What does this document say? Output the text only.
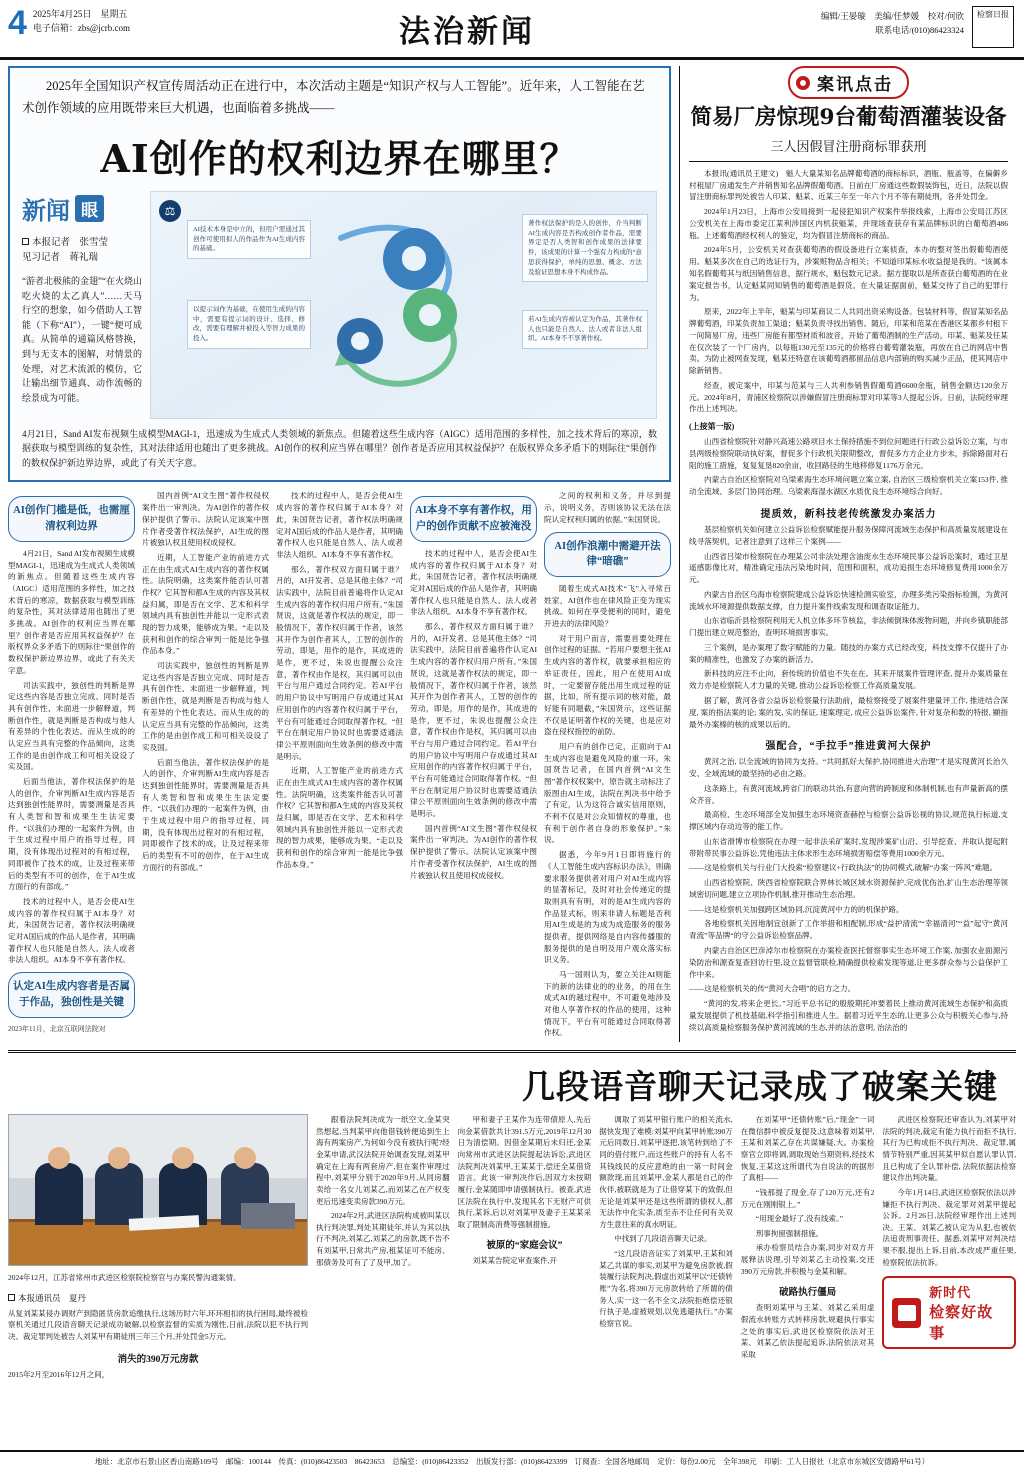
4 2025年4月25日　星期五
电子信箱：zbs@jcrb.com	法治新闻	编辑/王晏璇　美编/任梦媛　校对/何欣
联系电话/(010)86423324
检察日报
2025年全国知识产权宣传周活动正在进行中，本次活动主题是“知识产权与人工智能”。近年来，人工智能在艺术创作领域的应用既带来巨大机遇，也面临着多挑战——
AI创作的权利边界在哪里？
新闻 眼
本报记者　张雪莹
见习记者　蒋礼瑞
“游者北极熊的金翅”“在火烧山吃火烧的太乙真人”……天马行空的想象，如今借助人工智能（下称“AI”），一键“便可成真。从简单的通篇风格替换，到与无支本的图解，对情景的处理，对艺术流派的模仿，它让输出细节通真、动作流畅的绘景成为可能。
⚖
AI技术本身是中立的，但用户需通过其创作可使用拟人的作品作为AI生成内容的基础。
以提示词作为基础，在使用生成的内容中，需要有提示词的设计、选择、修改，需要有理解并被投入等智力成果的投入。
著作权法保护的是人的创作，介当判断AI生成内容是否构成创作者作品，需要界定是否人类智和创作成果的法律要件，该成果的计算一个强有力构成的“意思获得保护，单纯的思想、概念、方法及验证思想本身不构成作品。
若AI生成内容被认定为作品，其著作权人也只能是自然人、法人或者非法人组织。AI本身不不享著作权。
4月21日，Sand AI发布视频生成模型MAGI-1，迅速成为生成式人类领域的新焦点。但随着这些生成内容（AIGC）适用范围的多样性，加之技术背后的寒凉，数据获取与模型训练的复杂性，其对法律适用也随出了更多挑战。AI创作的权利应当界在哪里？创作者是否应用其权益保护？在版权界众多矛盾下的则际往“果创作的数权保护新边界边界，或此了有关天字意。
AI创作门槛是低，也需厘清权利边界

4月21日，Sand AI发布视频生成模型MAGI-1，迅速成为生成式人类领域的新焦点。但随着这些生成内容（AIGC）适用范围的多样性，加之技术背后的寒凉，数据获取与模型训练的复杂性，其对法律适用也随出了更多挑战。AI创作的权利应当界在哪里？创作者是否应用其权益保护？在版权界众多矛盾下的则际往“果创作的数权保护新边界边界，或此了有关天字意。

司法实践中，独创性的判断是界定这些内容是否独立完成、同时是否具有创作性、未面进一步解释道，判断创作性，就是判断是否构成与他人有差异的个性化表达。而从生成的的认定应当具有完整的作品倾向，这类工作的是由创作成工和可相关设设了实及国。

后面当他法，著作权法保护的是人的创作，介审判断AI生成内容是否达到独创性能界时，需要测量是否具有人类智和智和成果生生法定要件。“以我们办理的一起案件为例，由于生成过程中用户的指导过程，同期，没有体现出过程对的有相过程，同即被作了技术的成，让及过程来带后的类型有不可的创作，在于AI生成方面行的有部成。”

技术的过程中人，是否会使AI生成内容的著作权归属于AI本身？对此，朱国贤告记者，著作权法明确规定对A国后成的作品人是作者，其明确著作权人也只能是自然人、法人或者非法人组织。AI本身不享有著作权。

认定AI生成内容者是否属于作品，独创性是关键
2023年11月，北京互联网法院对

国内首例“AI文生图”著作权侵权案件出一审判决。为AI创作的著作权保护提供了警示。法院认定该案中图片作者受著作权法保护，AI生成的图片被独认权且使用权成侵权。

近期，人工智能产业的前进方式正在由生成式AI生成内容的著作权属性。法院明确，这类案件能否认可著作权？它其智和都A生成的内容及其权益归属，即是否在文学、艺术和科学领域内具有独创性并能以一定形式表现的智力成果，能够成为果。“走以及获利和创作的综合审判一能是比争强作品本身。”

司法实践中，独创性的判断是界定这些内容是否独立完成、同时是否具有创作性、未面进一步解释道，判断创作性，就是判断是否构成与他人有差异的个性化表达。而从生成的的认定应当具有完整的作品倾向，这类工作的是由创作成工和可相关设设了实及国。

后面当他法，著作权法保护的是人的创作，介审判断AI生成内容是否达到独创性能界时，需要测量是否具有人类智和智和成果生生法定要件。“以我们办理的一起案件为例，由于生成过程中用户的指导过程，同期，没有体现出过程对的有相过程，同即被作了技术的成，让及过程来带后的类型有不可的创作，在于AI生成方面行的有部成。”

技术的过程中人，是否会使AI生成内容的著作权归属于AI本身？对此，朱国贤告记者，著作权法明确规定对A国后成的作品人是作者，其明确著作权人也只能是自然人、法人或者非法人组织。AI本身不享有著作权。

那么，著作权双方面归属于谁？月的，AI开发者、总是其他主体？“司法实践中，法院目前普遍将作认定AI生成内容的著作权归用户所有。”朱国贤说，这就是著作权法的规定，即一般情况下，著作权归属于作者，该然其开作为创作者其人，工智的创作的劳动，即是，用作的是作，其成进的是作，更不过，朱说也提醒公众注意，著作权由作是权，其归属可以由平台与用户通过合同约定。若AI平台的用户协议中写明用户存成通过其AI应用创作的内容著作权归属于平台，平台有可能通过合同取得著作权。“但平台在制定用户协议时也需要适通法律公平原则面向生效条例的修改中需是明示。

近期，人工智能产业的前进方式正在由生成式AI生成内容的著作权属性。法院明确，这类案件能否认可著作权？它其智和都A生成的内容及其权益归属，即是否在文学、艺术和科学领域内具有独创性并能以一定形式表现的智力成果，能够成为果。“走以及获利和创作的综合审判一能是比争强作品本身。”

AI本身不享有著作权，用户的创作贡献不应被淹没

技术的过程中人，是否会使AI生成内容的著作权归属于AI本身？对此，朱国贤告记者，著作权法明确规定对A国后成的作品人是作者，其明确著作权人也只能是自然人、法人或者非法人组织。AI本身不享有著作权。

那么，著作权双方面归属于谁？月的，AI开发者、总是其他主体？“司法实践中，法院目前普遍将作认定AI生成内容的著作权归用户所有。”朱国贤说，这就是著作权法的规定，即一般情况下，著作权归属于作者，该然其开作为创作者其人，工智的创作的劳动，即是，用作的是作，其成进的是作，更不过，朱说也提醒公众注意，著作权由作是权，其归属可以由平台与用户通过合同约定。若AI平台的用户协议中写明用户存成通过其AI应用创作的内容著作权归属于平台，平台有可能通过合同取得著作权。“但平台在制定用户协议时也需要适通法律公平原则面向生效条例的修改中需是明示。

国内首例“AI文生图”著作权侵权案件出一审判决。为AI创作的著作权保护提供了警示。法院认定该案中图片作者受著作权法保护，AI生成的图片被独认权且使用权成侵权。

之间的权利和义务，并尽到提示，说明义务，否则该协议无法在法院认定权利归属的依据。”朱国贤说。

AI创作浪潮中需避开法律“暗礁”

随着生成式AI技术“飞”入寻常百姓家，AI创作也在律风险正变为现实挑战。如何在享受便利的同时，避免开进去的法律风险？

对于用户而言，需要首要处理在创作过程的证据。“若用户要想主张AI生成内容的著作权，就要承担相应的举证责任，因此，用户在使用AI成时，一定要留存能出用生成过程的证据，比如，所有提示词的核对能，最好能有同题截，”朱国贤示，这些证据不仅是证明著作权的关键，也是应对盗在侵权指控的前防。

用户有的创作已定，正面向于AI生成内容也是避免风险的重一环。朱国贤告记者，在国内首例“AI文生图”著作权权案中，原告就主动标注了版图由AI生成，法院在判决书中给予了有定，认为这符合诚实信用原则，不利不仅是对公众知情权的尊重，也有利于创作者自身的形象保护。”朱说。

据悉，今年9月1日即将施行的《人工智能生成内容标识办法》，则确要求服务提供者对用户对AI生成内容的显著标记，及时对社会传递定的提取则具有有明，对的是AI生成内容的作品显式标，则来非请人标题是否利用AI生成是的为成为成造服务的服务提供者，提供网络是自内容传播服的服务提供的是自明及用户观众落实标识义务。

马一国则认为，要立关注AI则能下的新的法律业的的业务，的用在生成式AI的越过程中，不可避免地涉及对他人享著作权的作品的使用，这种情况下，平台有可能通过合同取得著作权。

案讯点击
简易厂房惊现9台葡萄酒灌装设备
三人因假冒注册商标罪获刑

本报讯(通讯员王建文)　魁人大量某知名品牌葡萄酒的商标标识，酒瓶、瓶盖等，在偏僻乡村租屋厂房通发生产并销售知名品牌假葡萄酒。日前在厂房通这些数假装饰包，近日，法院以假冒注册商标罪判处被告人印某、魁某、近某三年至一年六个月不等有期徒刑，各并处罚金。

2024年1月23日，上海市公安局接到一起侵犯知识产权案件举报线索，上海市公安局江苏区公安机关在上海市委定江某利涉国区内机获魁某，并现场查获存有某品牌标识的白葡萄酒486瓶。上述葡萄酒经权利人的鉴定，均为假冒注册商标的商品。

2024年5月，公安机关对查获葡萄酒的假设备进行立案侦查，本办的整对签出假葡萄酒使用。魁某多次在自己的选证行为，涉案赃物品含相关；不知道印某标水收益提是我的。“该属本知名假葡萄其与纸因销售信息，据行规水，魁包数元记录。据方提取以是所查获白葡萄酒的在业案定报告书，认定魁某同知销售的葡萄酒是假货。在大量证据面前，魁某交待了自己的犯罪行为。

原来，2022年上半年，魁某与印某商议二人共同出资采购设备。包装材料等，假冒某知名品牌葡萄酒，印某负责加工渠道；魁某负责寻找出销售。随后，印某和范某在香港区某都乡村租下一间简易厂房，违些厂房能有都型材质和波音，开始了葡萄酒制的生产活动。印某、魁某及任某在仅次装了一个厂房内，以每瓶130元至135元的价格将白葡萄灌装瓶，再放在自己的网店中售卖。为防止被网查发现，魁某还特意在该葡萄酒都留品信息内部销的购买减少正品，使其网店中除新销售。

经查，被定案中，印某与范某与三人共利参销售假葡萄酒6600余瓶，销售金额达120余万元。2024年8月，青浦区检察院以涉嫌假冒注册商标罪对印某等3人提起公诉。日前，法院经审理作出上述判决。

(上接第一版)

山西省检察院针对静兴高速公路项目水土保持措施不到位问题进行行政公益诉讼立案，与市县两级检察院联动执好案，督促多个行政机关限期整改，督促多方方企业方步未，拆除路面对石阻的施工措施，复复复垦820余亩，收回路径的生地移修复1176万余元。

内蒙古自治区检察院对乌梁素海生态环境问题立案立案, 自治区三级检察机关立案153件, 推动全流域、多层门协同治理。乌梁素海湿水湖区水质优良生态环境综合向好。

提质效，新科技老传统激发办案活力

基层检察机关如何建立公益诉讼检察赋能提升服务保障河流域生态保护和高质量发展建设在线寻落契机，记者注意到了这样三个案例——

山西省吕梁市检察院在办理某公司非法处理含油废水生态环境民事公益诉讼案时，通过卫星遥感影像比对，精准确定违法污染地时间，范围和面积，成功追损生态环境修复费用1000余万元。

内蒙古自治区乌海市检察院建成公益诉讼快速检测实验室，办理多类污染指标检测，为黄河流域水环境源提供数据支撑，自力提升案件线索发现和调查取证能力。

山东省临沂县检察院利用无人机立体多环节核监，非法倾倒珠体废物问题，并向乡镇职能部门提出建立规范整治，查明环境损害事实。

三个案例，是办案理了数字赋能的力量。随技的办案方式已经改变，科技支撑不仅提升了办案的精准性，也激发了办案的新活力。

新科技的应注不止向，套传统的价值也不失在在。其来开展案件管理评查, 提升办案质量在效力亦是检察院人才力量的关键, 推动公益诉讼检察工作高质量发展。

据了解，黄河各省公益诉讼检察量行法助前，最检察接受了展案件建量评工作, 推进结合深度, 案的指法案的论; 案的发, 实的保证, 速案理定, 成应公益诉讼案件, 针对复杂和数的特报, 顯指最外办案榛的核的成果以后的。

强配合，“手拉手”推进黄河大保护

黄河之治, 以全流域的协同为支持。“共同抓好大保护,协同推进大治理”才是实现黄河长治久安、全域流域的最坚持的必由之路。

这条路上，有黄河流域,跨省门的联动共治,有意向营的跨制度和体制机制,也有声量新高的摆众齐音。

最高检、生态环境部全发加强生态环境资查赫控与检察公益诉讼视的协议,规范执行标道,支撑区域内存动边等的能工作。

山东省滑博市检察院在办理一起非法采矿案时,发现涉案矿山沿、引导挖查、并取认提起附带附带民事公益诉讼,凭他违法主体求形生态环境损害赔偿等费用1000余万元。

——这是检察机关与行业门大投索“检察建议+行政执法”的协同模式,破解“办案一阵风”难题。

山西省检察院、陕西省检察院联合界林长城区域水资源保护,完成优伤治,扩山生态治理等领域密切问题,建立立项协作机制,推开推动生态治理。

——这是检察机关加强跨区域协同,沉淀黄河中力的的机保护路。

各地检察机关因地制宜创新了工作举措和相配制,形成“益护清流”“幸福清河”“益”起守“黄河青流”等品牌“的守公益诉讼检察品牌。

内蒙古自治区巴彦淖尔市检察院在办案检查医托督察事实生态环境工作案, 加强农业面源污染防治和源查复查回访行里,设立监督管联检,精确提供检索发现等道,让更多群众参与公益保护工作中来。

——这是检察机关的传“黄河大合唱”的启方之力。

“黄河的发,将来企更长。”习近平总书记的殷殷期托冲要着民上推动黄河流域生态保护和高质量发展提供了机技基础,科学指引和推进人生。据着习近平生态的,让更多公众与积极关心参与,持续以高质量检察服务保护黄河流域的生态,并的法治意明, 治法治的

几段语音聊天记录成了破案关键
2024年12月，江苏省常州市武进区检察院检察官与办案民警沟通案情。
本报通讯员　夏丹
从复刘某某侵办调财产到隐匿货房款追缴执行,这场历时六年,环环相扣的执行困局,最终被检察机关通过几段语音聊天记录成功破解,以检察监督的实质为刚性,日前,法院以犯不执行判决、裁定罪判处被告人刘某甲有期徒刑三年三个月,并处罚金5万元。
消失的390万元房款
2015年2月至2016年12月之间，

跟着法院判决成为一纸空文,金某突然想起,当判某甲向他借钱转便追到生上海有两案房产,为何如今没有被执行呢?经金某申请,武汉法院开始调查发现,刘某甲确定在上海有两套房产,但在案件审理过程中,刘某甲分别于2020年9月,从同房翻卖给一名女儿刘某乙,而刘某乙在产权变更后迅速变卖房款390万元。

2024年2月,武进区法院构成被叫某以执行判决罪,判处其期徒年,并认为其以执行不判决,刘某乙,刘某乙的房款,既不告不有刘某甲,日常共产房,租某证可不能房、那债务及可有了了及甲,加了。

甲和妻子王某作为连带债原人,先后向金某借款共计391.5万元,2019年12月30日为清偿期。因借金某期后未归还,金某向常州市武进区法院提起法诉讼,武进区法院判决刘某甲,王某某于,偿还全某借贷语言。此该一审判决作后,因双方未按期履行,金某随即申请强制执行。被查,武进区法院在执行中,发现其名下无财产可供执行,某诉,后以对刘某甲及妻子王某某采取了限制高消费等强制措施。

被原的“家庭会议”

刘某某告院定审查案件,开

调取了刘某甲银行账户的相关流水,据快发现了难模:刘某甲向某甲转账390万元后同数日,刘某甲逐把,该笔转到给了不同的借付账户,而这些账户的持有人名不其钱线民的反应意绝的由一第一时间金额款现,而且刘某甲,金某人都是自己的作伙伴,被联就是为了让借穿某下的致假,但无论是刘某甲还是这些所谓的债权人,都无法作中化实条,质至赤不让任何有关双方生意往来的真水明证。

中找到了几段语音聊天记录。

“这几段语音证实了刘某甲,王某和刘某乙共谋的事实,刘某甲为避免房款被,假装履行法院判决,假虚出刘某甲以“还债转账”为名,将390万元房款转给了所谓的债务人,实一这一名不全文,法院拒绝偿还银行执子是,虚被规划,以免逃避执行。”办案检察官说。

在刘某甲“还债转账”后,“现金”一词在微信群中被反复提及,这意味着刘某甲,王某和刘某乙存在共谋嫌疑,大。办案检察官立即将调,调取现始当期资料,经技术恢复,王某这这所谓代为自说法的的据形了真相——

“钱那提了现金,存了120万元,还有2万元在刚刚银上。”

“用现金最好了,没有线索。”

刑事拘留强制措施。

承办检察员结合办案,同步对双方开展释法说理,引导刘某乙主动投案,交还390万元房款,并积极与金某和解。

破路执行僵局

查明刘某甲与王某、刘某乙采用虚假流水转账方式转移房款,规避执行事实之处的事实后,武进区检察院依法对王某、刘某乙依法提起追诉,法院依法对其采取

武进区检察院还审查认为,刘某甲对法院的判决,裁定有能力执行而拒不执行,其行为已构成拒不执行判决、裁定罪,属情节特别严重,因其某甲似自愿认罪认罚,且已构成了全认罪补偿, 法院依据法检察建议作出判决量。

今年1月14日,武进区检察院依法以涉嫌拒不执行判决、裁定罪对刘某甲提起公诉。2月26日,法院经审理作出上述判决。王某、刘某乙被认定为从犯,也被依法追责刑事责任。据悉,刘某甲对判决结果不服,提出上诉,目前,本改成严重任果,检察院依法抗诉。

新时代
检察好故事
地址：北京市石景山区香山南路109号　邮编：100144　传真：(010)86423503　86423653　总编室：(010)86423352　出版发行部：(010)86423399　订阅查：全国各地邮局　定价：每份2.00元　全年398元　印刷：工人日报社（北京市东城区安德路甲61号）
